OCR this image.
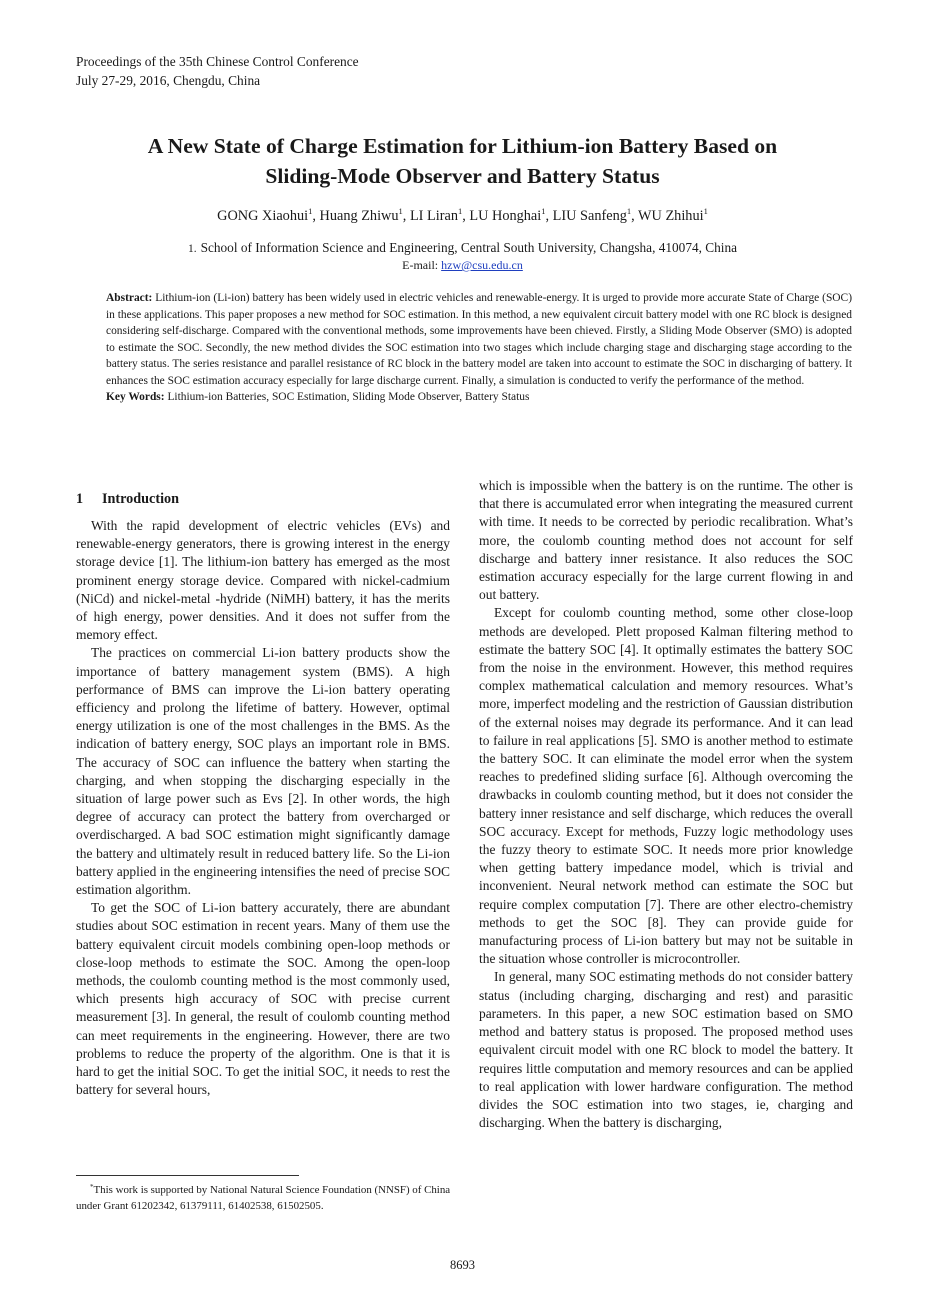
Proceedings of the 35th Chinese Control Conference
July 27-29, 2016, Chengdu, China
A New State of Charge Estimation for Lithium-ion Battery Based on
Sliding-Mode Observer and Battery Status
GONG Xiaohui$^1$, Huang Zhiwu$^1$, LI Liran$^1$, LU Honghai$^1$, LIU Sanfeng$^1$, WU Zhihui$^1$
1. School of Information Science and Engineering, Central South University, Changsha, 410074, China
E-mail: hzw@csu.edu.cn
Abstract: Lithium-ion (Li-ion) battery has been widely used in electric vehicles and renewable-energy. It is urged to provide more accurate State of Charge (SOC) in these applications. This paper proposes a new method for SOC estimation. In this method, a new equivalent circuit battery model with one RC block is designed considering self-discharge. Compared with the conventional methods, some improvements have been chieved. Firstly, a Sliding Mode Observer (SMO) is adopted to estimate the SOC. Secondly, the new method divides the SOC estimation into two stages which include charging stage and discharging stage according to the battery status. The series resistance and parallel resistance of RC block in the battery model are taken into account to estimate the SOC in discharging of battery. It enhances the SOC estimation accuracy especially for large discharge current. Finally, a simulation is conducted to verify the performance of the method.
Key Words: Lithium-ion Batteries, SOC Estimation, Sliding Mode Observer, Battery Status
1 Introduction

With the rapid development of electric vehicles (EVs) and renewable-energy generators, there is growing interest in the energy storage device [1]. The lithium-ion battery has emerged as the most prominent energy storage device. Compared with nickel-cadmium (NiCd) and nickel-metal -hydride (NiMH) battery, it has the merits of high energy, power densities. And it does not suffer from the memory effect.

The practices on commercial Li-ion battery products show the importance of battery management system (BMS). A high performance of BMS can improve the Li-ion battery operating efficiency and prolong the lifetime of battery. However, optimal energy utilization is one of the most challenges in the BMS. As the indication of battery energy, SOC plays an important role in BMS. The accuracy of SOC can influence the battery when starting the charging, and when stopping the discharging especially in the situation of large power such as Evs [2]. In other words, the high degree of accuracy can protect the battery from overcharged or overdischarged. A bad SOC estimation might significantly damage the battery and ultimately result in reduced battery life. So the Li-ion battery applied in the engineering intensifies the need of precise SOC estimation algorithm.

To get the SOC of Li-ion battery accurately, there are abundant studies about SOC estimation in recent years. Many of them use the battery equivalent circuit models combining open-loop methods or close-loop methods to estimate the SOC. Among the open-loop methods, the coulomb counting method is the most commonly used, which presents high accuracy of SOC with precise current measurement [3]. In general, the result of coulomb counting method can meet requirements in the engineering. However, there are two problems to reduce the property of the algorithm. One is that it is hard to get the initial SOC. To get the initial SOC, it needs to rest the battery for several hours,

which is impossible when the battery is on the runtime. The other is that there is accumulated error when integrating the measured current with time. It needs to be corrected by periodic recalibration. What’s more, the coulomb counting method does not account for self discharge and battery inner resistance. It also reduces the SOC estimation accuracy especially for the large current flowing in and out battery.

Except for coulomb counting method, some other close-loop methods are developed. Plett proposed Kalman filtering method to estimate the battery SOC [4]. It optimally estimates the battery SOC from the noise in the environment. However, this method requires complex mathematical calculation and memory resources. What’s more, imperfect modeling and the restriction of Gaussian distribution of the external noises may degrade its performance. And it can lead to failure in real applications [5]. SMO is another method to estimate the battery SOC. It can eliminate the model error when the system reaches to predefined sliding surface [6]. Although overcoming the drawbacks in coulomb counting method, but it does not consider the battery inner resistance and self discharge, which reduces the overall SOC accuracy. Except for methods, Fuzzy logic methodology uses the fuzzy theory to estimate SOC. It needs more prior knowledge when getting battery impedance model, which is trivial and inconvenient. Neural network method can estimate the SOC but require complex computation [7]. There are other electro-chemistry methods to get the SOC [8]. They can provide guide for manufacturing process of Li-ion battery but may not be suitable in the situation whose controller is microcontroller.

In general, many SOC estimating methods do not consider battery status (including charging, discharging and rest) and parasitic parameters. In this paper, a new SOC estimation based on SMO method and battery status is proposed. The proposed method uses equivalent circuit model with one RC block to model the battery. It requires little computation and memory resources and can be applied to real application with lower hardware configuration. The method divides the SOC estimation into two stages, ie, charging and discharging. When the battery is discharging,

*This work is supported by National Natural Science Foundation (NNSF) of China under Grant 61202342, 61379111, 61402538, 61502505.
8693
